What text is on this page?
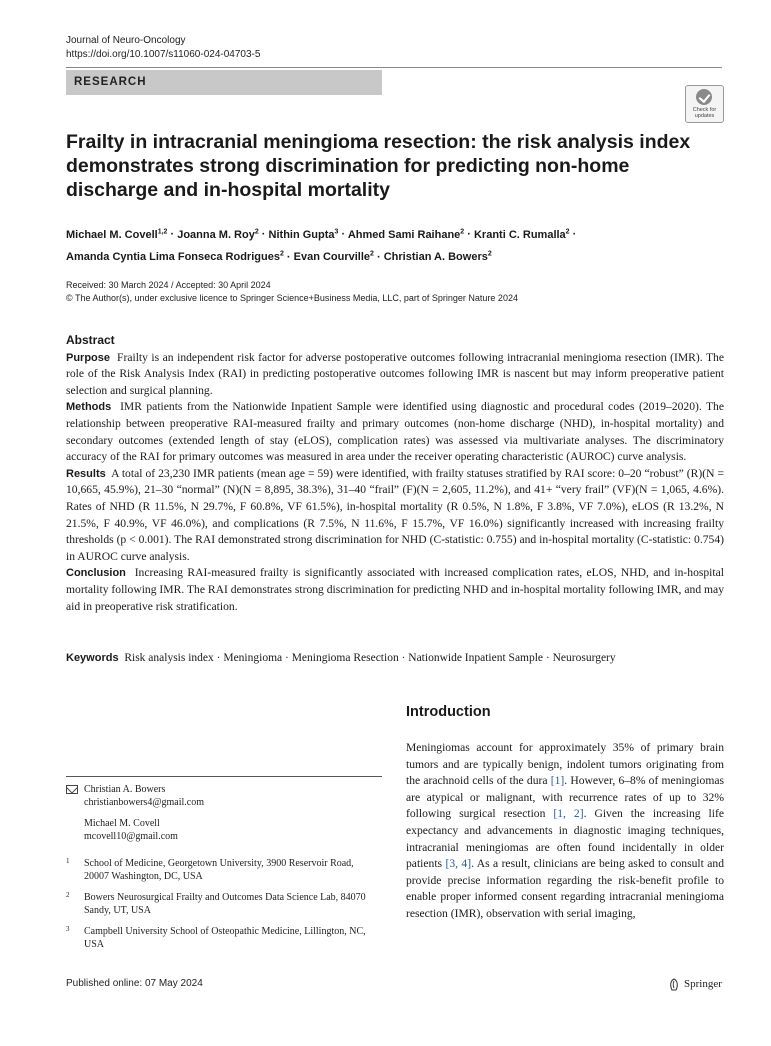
Journal of Neuro-Oncology
https://doi.org/10.1007/s11060-024-04703-5
RESEARCH
Check for updates
Frailty in intracranial meningioma resection: the risk analysis index demonstrates strong discrimination for predicting non-home discharge and in-hospital mortality
Michael M. Covell$^{1,2}$ · Joanna M. Roy$^2$ · Nithin Gupta$^3$ · Ahmed Sami Raihane$^2$ · Kranti C. Rumalla$^2$ ·
Amanda Cyntia Lima Fonseca Rodrigues$^2$ · Evan Courville$^2$ · Christian A. Bowers$^2$
Received: 30 March 2024 / Accepted: 30 April 2024
© The Author(s), under exclusive licence to Springer Science+Business Media, LLC, part of Springer Nature 2024
Abstract

Purpose Frailty is an independent risk factor for adverse postoperative outcomes following intracranial meningioma resection (IMR). The role of the Risk Analysis Index (RAI) in predicting postoperative outcomes following IMR is nascent but may inform preoperative patient selection and surgical planning.

Methods IMR patients from the Nationwide Inpatient Sample were identified using diagnostic and procedural codes (2019–2020). The relationship between preoperative RAI-measured frailty and primary outcomes (non-home discharge (NHD), in-hospital mortality) and secondary outcomes (extended length of stay (eLOS), complication rates) was assessed via multivariate analyses. The discriminatory accuracy of the RAI for primary outcomes was measured in area under the receiver operating characteristic (AUROC) curve analysis.

Results A total of 23,230 IMR patients (mean age = 59) were identified, with frailty statuses stratified by RAI score: 0–20 “robust” (R)(N = 10,665, 45.9%), 21–30 “normal” (N)(N = 8,895, 38.3%), 31–40 “frail” (F)(N = 2,605, 11.2%), and 41+ “very frail” (VF)(N = 1,065, 4.6%). Rates of NHD (R 11.5%, N 29.7%, F 60.8%, VF 61.5%), in-hospital mortality (R 0.5%, N 1.8%, F 3.8%, VF 7.0%), eLOS (R 13.2%, N 21.5%, F 40.9%, VF 46.0%), and complications (R 7.5%, N 11.6%, F 15.7%, VF 16.0%) significantly increased with increasing frailty thresholds (p < 0.001). The RAI demonstrated strong discrimination for NHD (C-statistic: 0.755) and in-hospital mortality (C-statistic: 0.754) in AUROC curve analysis.

Conclusion Increasing RAI-measured frailty is significantly associated with increased complication rates, eLOS, NHD, and in-hospital mortality following IMR. The RAI demonstrates strong discrimination for predicting NHD and in-hospital mortality following IMR, and may aid in preoperative risk stratification.

Keywords Risk analysis index · Meningioma · Meningioma Resection · Nationwide Inpatient Sample · Neurosurgery
Introduction
Meningiomas account for approximately 35% of primary brain tumors and are typically benign, indolent tumors originating from the arachnoid cells of the dura [1]. However, 6–8% of meningiomas are atypical or malignant, with recurrence rates of up to 32% following surgical resection [1, 2]. Given the increasing life expectancy and advancements in diagnostic imaging techniques, intracranial meningiomas are often found incidentally in older patients [3, 4]. As a result, clinicians are being asked to consult and provide precise information regarding the risk-benefit profile to enable proper informed consent regarding intracranial meningioma resection (IMR), observation with serial imaging,
Christian A. Bowers
christianbowers4@gmail.com
Michael M. Covell
mcovell10@gmail.com
1 School of Medicine, Georgetown University, 3900 Reservoir Road, 20007 Washington, DC, USA
2 Bowers Neurosurgical Frailty and Outcomes Data Science Lab, 84070 Sandy, UT, USA
3 Campbell University School of Osteopathic Medicine, Lillington, NC, USA
Published online: 07 May 2024	Springer
